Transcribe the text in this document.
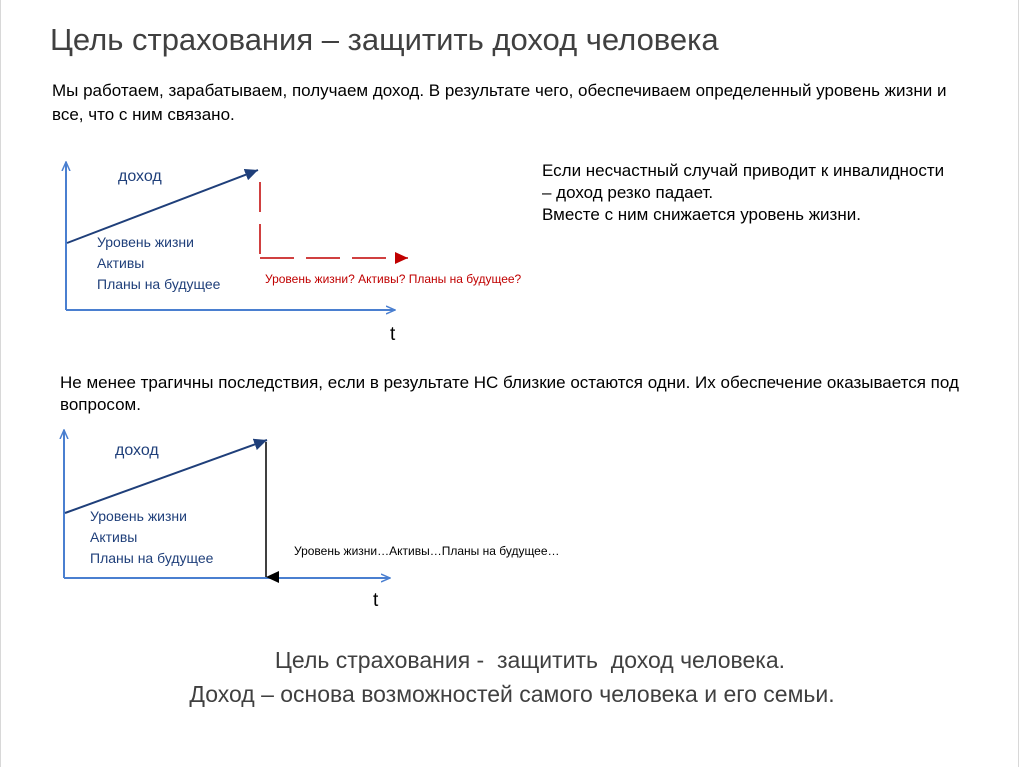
Цель страхования – защитить доход человека
Мы работаем, зарабатываем, получаем доход. В результате чего, обеспечиваем определенный уровень жизни и все, что с ним связано.
Если несчастный случай приводит к инвалидности
– доход резко падает.
Вместе с ним снижается уровень жизни.
доход
Уровень жизни
Активы
Планы на будущее	Уровень жизни? Активы? Планы на будущее?
t
доход
Уровень жизни
Активы
Планы на будущее	Уровень жизни…Активы…Планы на будущее…
t
Не менее трагичны последствия, если в результате НС близкие остаются одни. Их обеспечение оказывается под вопросом.
Цель страхования -  защитить  доход человека.
Доход – основа возможностей самого человека и его семьи.
